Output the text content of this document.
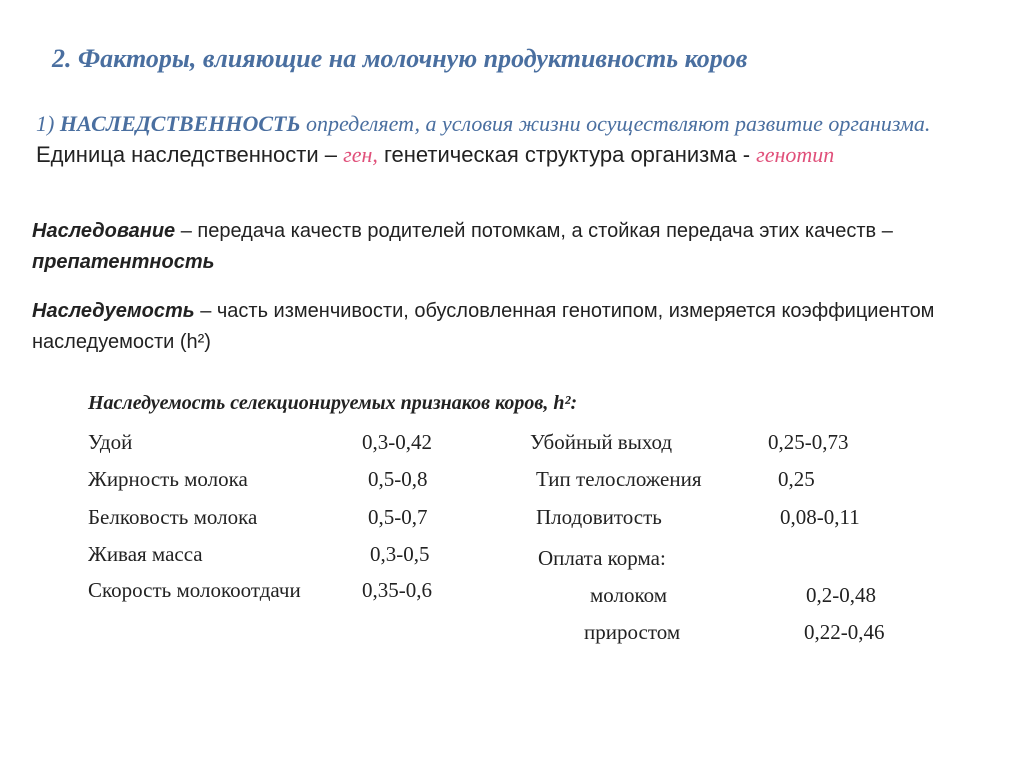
2. Факторы, влияющие на молочную продуктивность коров
1) НАСЛЕДСТВЕННОСТЬ определяет, а условия жизни осуществляют развитие организма. Единица наследственности – ген, генетическая структура организма - генотип
Наследование – передача качеств родителей потомкам, а стойкая передача этих качеств – препатентность
Наследуемость – часть изменчивости, обусловленная генотипом, измеряется коэффициентом наследуемости (h²)
Наследуемость селекционируемых признаков коров, h²:
Удой	0,3-0,42
Жирность молока	0,5-0,8
Белковость молока	0,5-0,7
Живая масса	0,3-0,5
Скорость молокоотдачи	0,35-0,6
Убойный выход	0,25-0,73
Тип телосложения	0,25
Плодовитость	0,08-0,11
Оплата корма:
молоком	0,2-0,48
приростом	0,22-0,46
